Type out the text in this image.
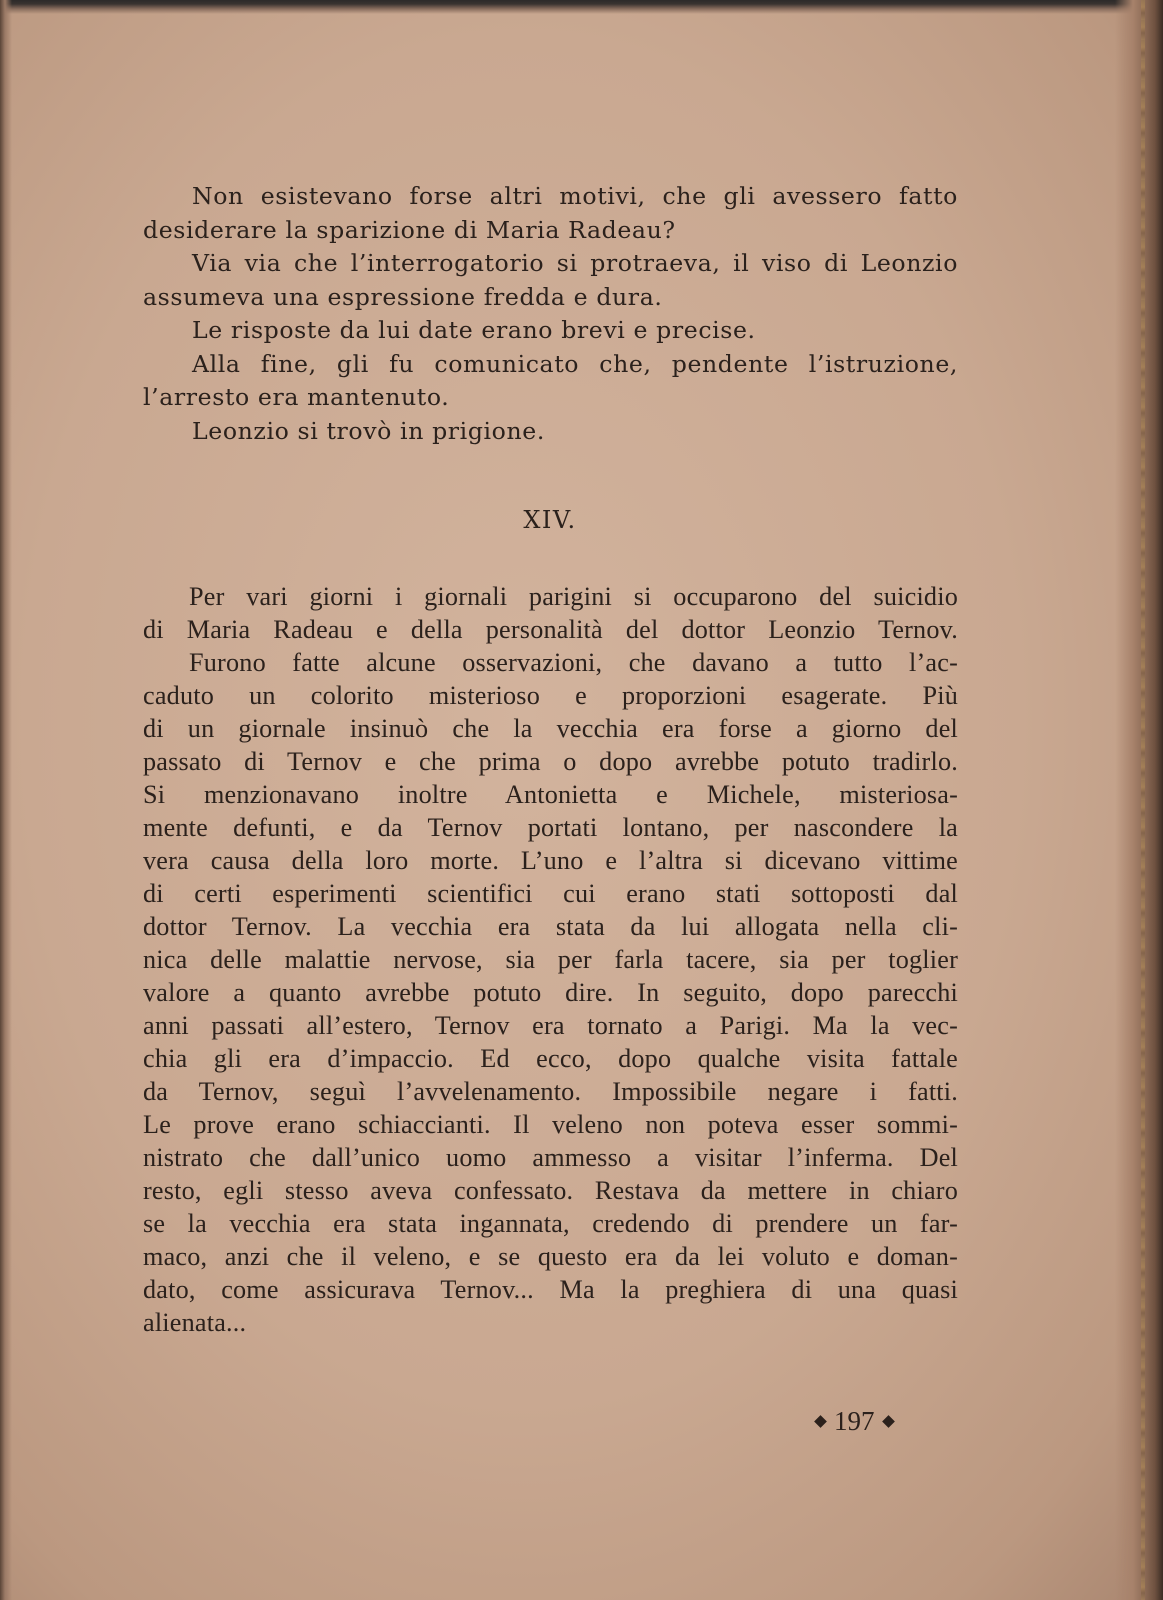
Non esistevano forse altri motivi, che gli avessero fatto
desiderare la sparizione di Maria Radeau?
Via via che l’interrogatorio si protraeva, il viso di Leonzio
assumeva una espressione fredda e dura.
Le risposte da lui date erano brevi e precise.
Alla fine, gli fu comunicato che, pendente l’istruzione,
l’arresto era mantenuto.
Leonzio si trovò in prigione.
XIV.
Per vari giorni i giornali parigini si occuparono del suicidio
di Maria Radeau e della personalità del dottor Leonzio Ternov.
Furono fatte alcune osservazioni, che davano a tutto l’ac-
caduto un colorito misterioso e proporzioni esagerate. Più
di un giornale insinuò che la vecchia era forse a giorno del
passato di Ternov e che prima o dopo avrebbe potuto tradirlo.
Si menzionavano inoltre Antonietta e Michele, misteriosa-
mente defunti, e da Ternov portati lontano, per nascondere la
vera causa della loro morte. L’uno e l’altra si dicevano vittime
di certi esperimenti scientifici cui erano stati sottoposti dal
dottor Ternov. La vecchia era stata da lui allogata nella cli-
nica delle malattie nervose, sia per farla tacere, sia per toglier
valore a quanto avrebbe potuto dire. In seguito, dopo parecchi
anni passati all’estero, Ternov era tornato a Parigi. Ma la vec-
chia gli era d’impaccio. Ed ecco, dopo qualche visita fattale
da Ternov, seguì l’avvelenamento. Impossibile negare i fatti.
Le prove erano schiaccianti. Il veleno non poteva esser sommi-
nistrato che dall’unico uomo ammesso a visitar l’inferma. Del
resto, egli stesso aveva confessato. Restava da mettere in chiaro
se la vecchia era stata ingannata, credendo di prendere un far-
maco, anzi che il veleno, e se questo era da lei voluto e doman-
dato, come assicurava Ternov... Ma la preghiera di una quasi
alienata...
197
